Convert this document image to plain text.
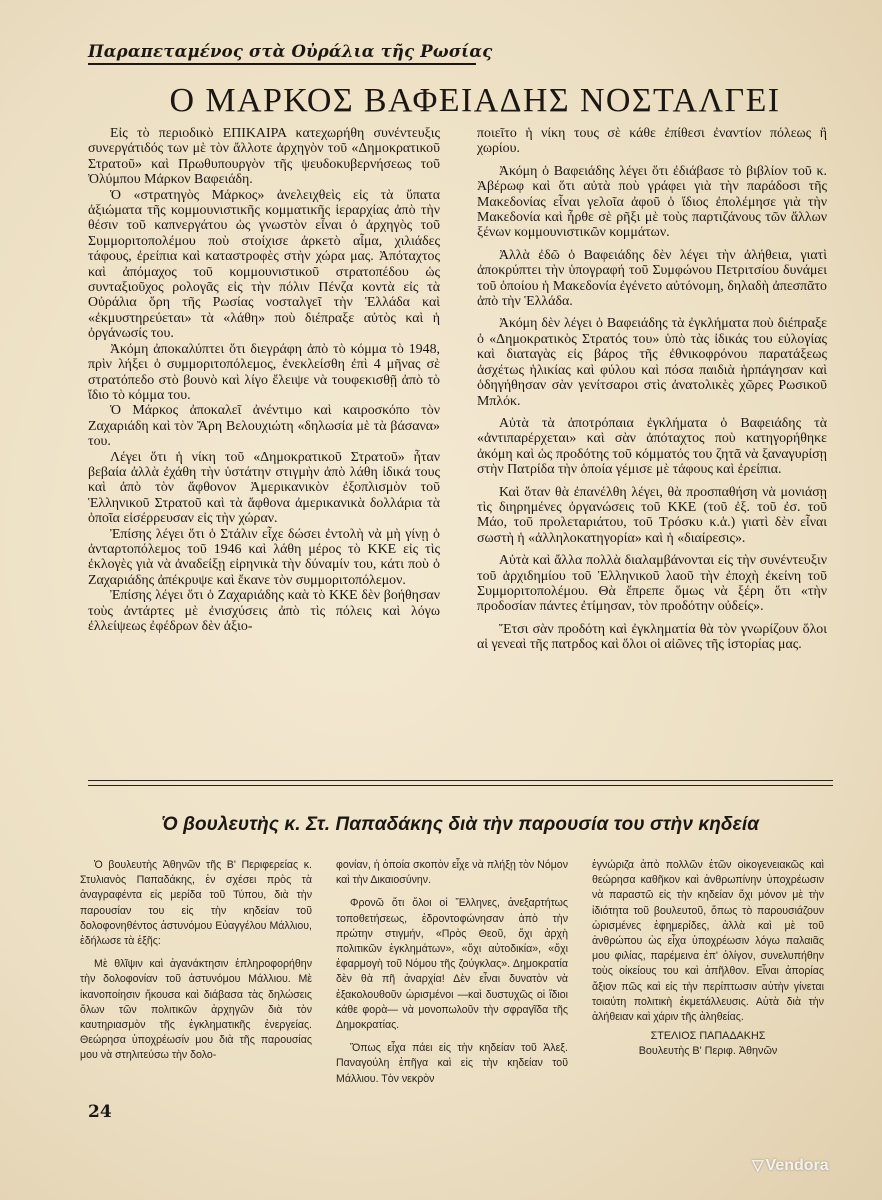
Παραπεταμένος στὰ Οὐράλια τῆς Ρωσίας
Ο ΜΑΡΚΟΣ ΒΑΦΕΙΑΔΗΣ ΝΟΣΤΑΛΓΕΙ

Εἰς τὸ περιοδικὸ ΕΠΙΚΑΙΡΑ κατεχωρήθη συνέντευξις συνεργάτιδός των μὲ τὸν ἄλλοτε ἀρχηγὸν τοῦ «Δημοκρατικοῦ Στρατοῦ» καὶ Πρωθυπουργὸν τῆς ψευδοκυβερνήσεως τοῦ Ὀλύμπου Μάρκον Βαφειάδη.

Ὁ «στρατηγὸς Μάρκος» ἀνελειχθεὶς εἰς τὰ ὕπατα ἀξιώματα τῆς κομμουνιστικῆς κομματικῆς ἱεραρχίας ἀπὸ τὴν θέσιν τοῦ καπνεργάτου ὡς γνωστὸν εἶναι ὁ ἀρχηγὸς τοῦ Συμμοριτοπολέμου ποὺ στοίχισε ἀρκετὸ αἷμα, χιλιάδες τάφους, ἐρείπια καὶ καταστροφὲς στὴν χώρα μας. Ἀπόταχτος καὶ ἀπόμαχος τοῦ κομμουνιστικοῦ στρατοπέδου ὡς συνταξιοῦχος ρολογᾶς εἰς τὴν πόλιν Πένζα κοντὰ εἰς τὰ Οὐράλια ὄρη τῆς Ρωσίας νοσταλγεῖ τὴν Ἑλλάδα καὶ «ἐκμυστηρεύεται» τὰ «λάθη» ποὺ διέπραξε αὐτὸς καὶ ἡ ὀργάνωσίς του.

Ἀκόμη ἀποκαλύπτει ὅτι διεγράφη ἀπὸ τὸ κόμμα τὸ 1948, πρὶν λήξει ὁ συμμοριτοπόλεμος, ἐνεκλείσθη ἐπὶ 4 μῆνας σὲ στρατόπεδο στὸ βουνὸ καὶ λίγο ἔλειψε νὰ τουφεκισθῇ ἀπὸ τὸ ἴδιο τὸ κόμμα του.

Ὁ Μάρκος ἀποκαλεῖ ἀνέντιμο καὶ καιροσκόπο τὸν Ζαχαριάδη καὶ τὸν Ἄρη Βελουχιώτη «δηλωσία μὲ τὰ βάσανα» του.

Λέγει ὅτι ἡ νίκη τοῦ «Δημοκρατικοῦ Στρατοῦ» ἦταν βεβαία ἀλλὰ ἐχάθη τὴν ὑστάτην στιγμὴν ἀπὸ λάθη ἰδικά τους καὶ ἀπὸ τὸν ἄφθονον Ἀμερικανικὸν ἐξοπλισμὸν τοῦ Ἑλληνικοῦ Στρατοῦ καὶ τὰ ἄφθονα ἀμερικανικὰ δολλάρια τὰ ὁποῖα εἰσέρρευσαν εἰς τὴν χώραν.

Ἐπίσης λέγει ὅτι ὁ Στάλιν εἶχε δώσει ἐντολὴ νὰ μὴ γίνῃ ὁ ἀνταρτοπόλεμος τοῦ 1946 καὶ λάθη μέρος τὸ ΚΚΕ εἰς τὶς ἐκλογὲς γιὰ νὰ ἀναδείξῃ εἰρηνικὰ τὴν δύναμίν του, κάτι ποὺ ὁ Ζαχαριάδης ἀπέκρυψε καὶ ἔκανε τὸν συμμοριτοπόλεμον.

Ἐπίσης λέγει ὅτι ὁ Ζαχαριάδης καὰ τὸ ΚΚΕ δὲν βοήθησαν τοὺς ἀντάρτες μὲ ἐνισχύσεις ἀπὸ τὶς πόλεις καὶ λόγω ἐλλείψεως ἐφέδρων δὲν ἀξιο-

ποιεῖτο ἡ νίκη τους σὲ κάθε ἐπίθεσι ἐναντίον πόλεως ἢ χωρίου.

Ἀκόμη ὁ Βαφειάδης λέγει ὅτι ἐδιάβασε τὸ βιβλίον τοῦ κ. Ἀβέρωφ καὶ ὅτι αὐτὰ ποὺ γράφει γιὰ τὴν παράδοσι τῆς Μακεδονίας εἶναι γελοῖα ἀφοῦ ὁ ἴδιος ἐπολέμησε γιὰ τὴν Μακεδονία καὶ ἦρθε σὲ ρῆξι μὲ τοὺς παρτιζάνους τῶν ἄλλων ξένων κομμουνιστικῶν κομμάτων.

Ἀλλὰ ἐδῶ ὁ Βαφειάδης δὲν λέγει τὴν ἀλήθεια, γιατὶ ἀποκρύπτει τὴν ὑπογραφή τοῦ Συμφώνου Πετριτσίου δυνάμει τοῦ ὁποίου ἡ Μακεδονία ἐγένετο αὐτόνομη, δηλαδὴ ἀπεσπᾶτο ἀπὸ τὴν Ἑλλάδα.

Ἀκόμη δὲν λέγει ὁ Βαφειάδης τὰ ἐγκλήματα ποὺ διέπραξε ὁ «Δημοκρατικὸς Στρατός του» ὑπὸ τὰς ἰδικάς του εὐλογίας καὶ διαταγὰς εἰς βάρος τῆς ἐθνικοφρόνου παρατάξεως ἀσχέτως ἡλικίας καὶ φύλου καὶ πόσα παιδιὰ ἡρπάγησαν καὶ ὁδηγήθησαν σὰν γενίτσαροι στὶς ἀνατολικὲς χῶρες Ρωσικοῦ Μπλόκ.

Αὐτὰ τὰ ἀποτρόπαια ἐγκλήματα ὁ Βαφειάδης τὰ «ἀντιπαρέρχεται» καὶ σὰν ἀπόταχτος ποὺ κατηγορήθηκε ἀκόμη καὶ ὡς προδότης τοῦ κόμματός του ζητᾶ νὰ ξαναγυρίσῃ στὴν Πατρίδα τὴν ὁποία γέμισε μὲ τάφους καὶ ἐρείπια.

Καὶ ὅταν θὰ ἐπανέλθη λέγει, θὰ προσπαθήση νὰ μονιάσῃ τὶς διηρημένες ὀργανώσεις τοῦ ΚΚΕ (τοῦ ἐξ. τοῦ ἐσ. τοῦ Μάο, τοῦ προλεταριάτου, τοῦ Τρόσκυ κ.ἁ.) γιατὶ δὲν εἶναι σωστὴ ἡ «ἀλληλοκατηγορία» καὶ ἡ «διαίρεσις».

Αὐτὰ καὶ ἄλλα πολλὰ διαλαμβάνονται εἰς τὴν συνέντευξιν τοῦ ἀρχιδημίου τοῦ Ἑλληνικοῦ λαοῦ τὴν ἐποχὴ ἐκείνη τοῦ Συμμοριτοπολέμου. Θὰ ἔπρεπε ὅμως νὰ ξέρη ὅτι «τὴν προδοσίαν πάντες ἐτίμησαν, τὸν προδότην οὐδείς».

Ἔτσι σὰν προδότη καὶ ἐγκληματία θὰ τὸν γνωρίζουν ὅλοι αἱ γενεαὶ τῆς πατρδος καὶ ὅλοι οἱ αἰῶνες τῆς ἱστορίας μας.

Ὁ βουλευτὴς κ. Στ. Παπαδάκης διὰ τὴν παρουσία του στὴν κηδεία

Ὁ βουλευτὴς Ἀθηνῶν τῆς Β' Περιφερείας κ. Στυλιανὸς Παπαδάκης, ἐν σχέσει πρὸς τὰ ἀναγραφέντα εἰς μερίδα τοῦ Τύπου, διὰ τὴν παρουσίαν του εἰς τὴν κηδείαν τοῦ δολοφονηθέντος ἀστυνόμου Εὐαγγέλου Μάλλιου, ἐδήλωσε τὰ ἑξῆς:

Μὲ θλῖψιν καὶ ἀγανάκτησιν ἐπληροφορήθην τὴν δολοφονίαν τοῦ ἀστυνόμου Μάλλιου. Μὲ ἱκανοποίησιν ἤκουσα καὶ διάβασα τὰς δηλώσεις ὅλων τῶν πολιτικῶν ἀρχηγῶν διὰ τὸν καυτηριασμὸν τῆς ἐγκληματικῆς ἐνεργείας. Θεώρησα ὑποχρέωσίν μου διὰ τῆς παρουσίας μου νὰ στηλιτεύσω τὴν δολο-

φονίαν, ἡ ὁποία σκοπὸν εἶχε νὰ πλήξῃ τὸν Νόμον καὶ τὴν Δικαιοσύνην.

Φρονῶ ὅτι ὅλοι οἱ Ἕλληνες, ἀνεξαρτήτως τοποθετήσεως, ἐδροντοφώνησαν ἀπὸ τὴν πρώτην στιγμήν, «Πρὸς Θεοῦ, ὄχι ἀρχὴ πολιτικῶν ἐγκλημάτων», «ὄχι αὐτοδικία», «ὄχι ἐφαρμογὴ τοῦ Νόμου τῆς ζούγκλας». Δημοκρατία δὲν θὰ πῆ ἀναρχία! Δὲν εἶναι δυνατὸν νὰ ἐξακολουθοῦν ὡρισμένοι —καὶ δυστυχῶς οἱ ἴδιοι κάθε φορὰ— νὰ μονοπωλοῦν τὴν σφραγῖδα τῆς Δημοκρατίας.

Ὅπως εἶχα πάει εἰς τὴν κηδείαν τοῦ Ἀλεξ. Παναγούλη ἐπῆγα καὶ εἰς τὴν κηδείαν τοῦ Μάλλιου. Τὸν νεκρὸν

ἐγνώριζα ἀπὸ πολλῶν ἐτῶν οἰκογενειακῶς καὶ θεώρησα καθῆκον καὶ ἀνθρωπίνην ὑποχρέωσιν νὰ παραστῶ εἰς τὴν κηδείαν ὄχι μόνον μὲ τὴν ἰδιότητα τοῦ βουλευτοῦ, ὅπως τὸ παρουσιάζουν ὡρισμένες ἐφημερίδες, ἀλλὰ καὶ μὲ τοῦ ἀνθρώπου ὡς εἶχα ὑποχρέωσιν λόγω παλαιᾶς μου φιλίας, παρέμεινα ἐπ' ὀλίγον, συνελυπήθην τοὺς οἰκείους του καὶ ἀπῆλθον. Εἶναι ἀπορίας ἄξιον πῶς καὶ εἰς τὴν περίπτωσιν αὐτὴν γίνεται τοιαύτη πολιτικὴ ἐκμετάλλευσις. Αὐτὰ διὰ τὴν ἀλήθειαν καὶ χάριν τῆς ἀληθείας.

ΣΤΕΛΙΟΣ ΠΑΠΑΔΑΚΗΣ

Βουλευτὴς Β' Περιφ. Ἀθηνῶν

24
▽ Vendora
